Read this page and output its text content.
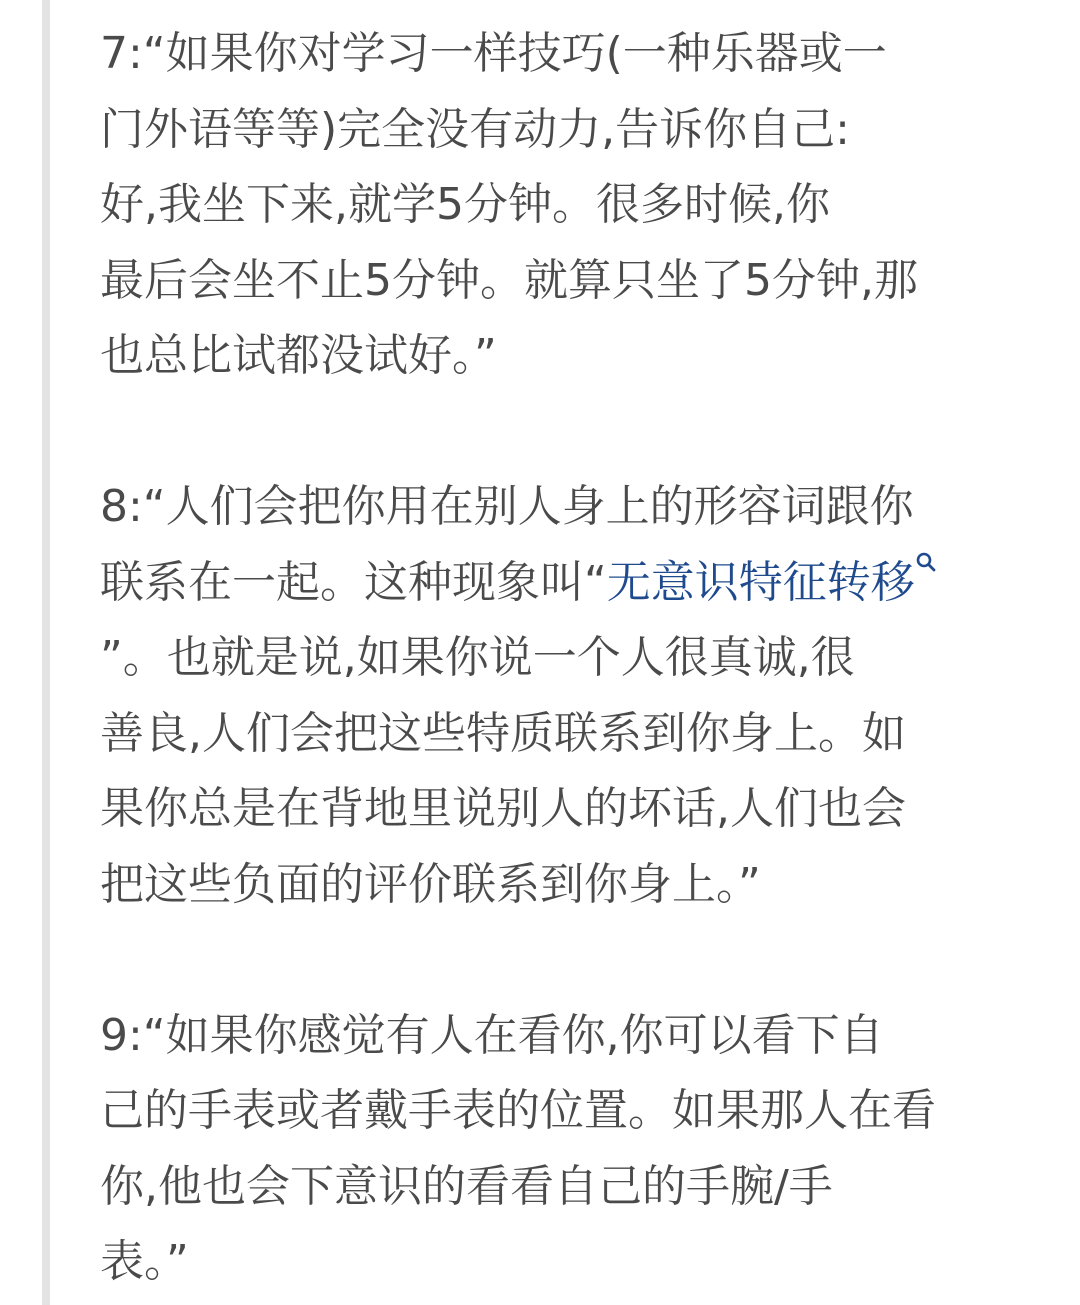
7:“如果你对学习一样技巧(一种乐器或一
门外语等等)完全没有动力,告诉你自己:
好,我坐下来,就学5分钟。很多时候,你
最后会坐不止5分钟。就算只坐了5分钟,那
也总比试都没试好。”
8:“人们会把你用在别人身上的形容词跟你
联系在一起。这种现象叫“无意识特征转移
”。也就是说,如果你说一个人很真诚,很
善良,人们会把这些特质联系到你身上。如
果你总是在背地里说别人的坏话,人们也会
把这些负面的评价联系到你身上。”
9:“如果你感觉有人在看你,你可以看下自
己的手表或者戴手表的位置。如果那人在看
你,他也会下意识的看看自己的手腕/手
表。”
